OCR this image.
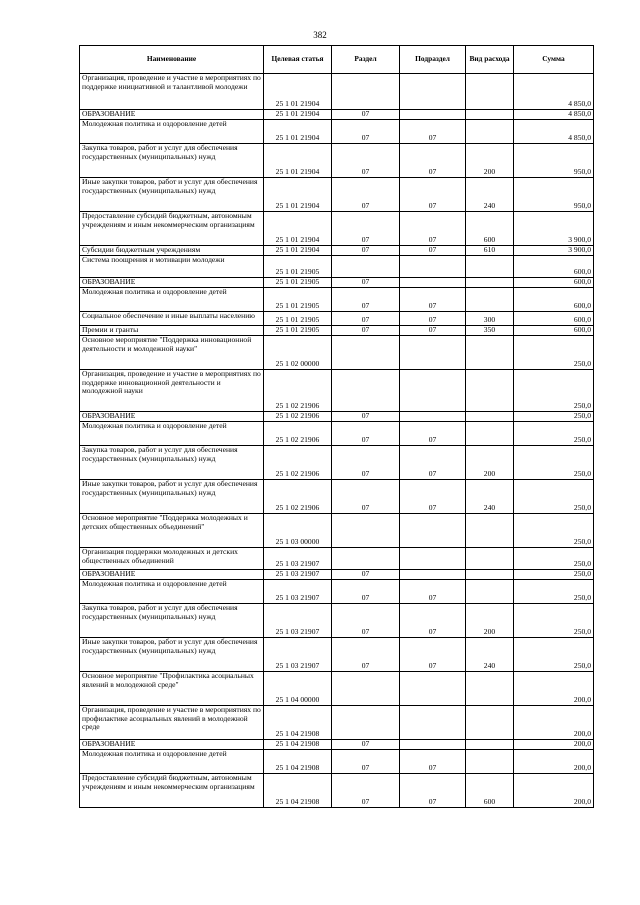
382
Наименование	Целевая статья	Раздел	Подраздел	Вид расхода	Сумма
Организация, проведение и участие в мероприятиях по поддержке инициативной и талантливой молодежи	25 1 01 21904				4 850,0
ОБРАЗОВАНИЕ	25 1 01 21904	07			4 850,0
Молодежная политика и оздоровление детей	25 1 01 21904	07	07		4 850,0
Закупка товаров, работ и услуг для обеспечения государственных (муниципальных) нужд	25 1 01 21904	07	07	200	950,0
Иные закупки товаров, работ и услуг для обеспечения государственных (муниципальных) нужд	25 1 01 21904	07	07	240	950,0
Предоставление субсидий бюджетным, автономным учреждениям и иным некоммерческим организациям	25 1 01 21904	07	07	600	3 900,0
Субсидии бюджетным учреждениям	25 1 01 21904	07	07	610	3 900,0
Система поощрения и мотивации молодежи	25 1 01 21905				600,0
ОБРАЗОВАНИЕ	25 1 01 21905	07			600,0
Молодежная политика и оздоровление детей	25 1 01 21905	07	07		600,0
Социальное обеспечение и иные выплаты населению	25 1 01 21905	07	07	300	600,0
Премии и гранты	25 1 01 21905	07	07	350	600,0
Основное мероприятие "Поддержка инновационной деятельности и молодежной науки"	25 1 02 00000				250,0
Организация, проведение и участие в мероприятиях по поддержке инновационной деятельности и молодежной науки	25 1 02 21906				250,0
ОБРАЗОВАНИЕ	25 1 02 21906	07			250,0
Молодежная политика и оздоровление детей	25 1 02 21906	07	07		250,0
Закупка товаров, работ и услуг для обеспечения государственных (муниципальных) нужд	25 1 02 21906	07	07	200	250,0
Иные закупки товаров, работ и услуг для обеспечения государственных (муниципальных) нужд	25 1 02 21906	07	07	240	250,0
Основное мероприятие "Поддержка молодежных и детских общественных объединений"	25 1 03 00000				250,0
Организация поддержки молодежных и детских общественных объединений	25 1 03 21907				250,0
ОБРАЗОВАНИЕ	25 1 03 21907	07			250,0
Молодежная политика и оздоровление детей	25 1 03 21907	07	07		250,0
Закупка товаров, работ и услуг для обеспечения государственных (муниципальных) нужд	25 1 03 21907	07	07	200	250,0
Иные закупки товаров, работ и услуг для обеспечения государственных (муниципальных) нужд	25 1 03 21907	07	07	240	250,0
Основное мероприятие "Профилактика асоциальных явлений в молодежной среде"	25 1 04 00000				200,0
Организация, проведение и участие в мероприятиях по профилактике асоциальных явлений в молодежной среде	25 1 04 21908				200,0
ОБРАЗОВАНИЕ	25 1 04 21908	07			200,0
Молодежная политика и оздоровление детей	25 1 04 21908	07	07		200,0
Предоставление субсидий бюджетным, автономным учреждениям и иным некоммерческим организациям	25 1 04 21908	07	07	600	200,0
